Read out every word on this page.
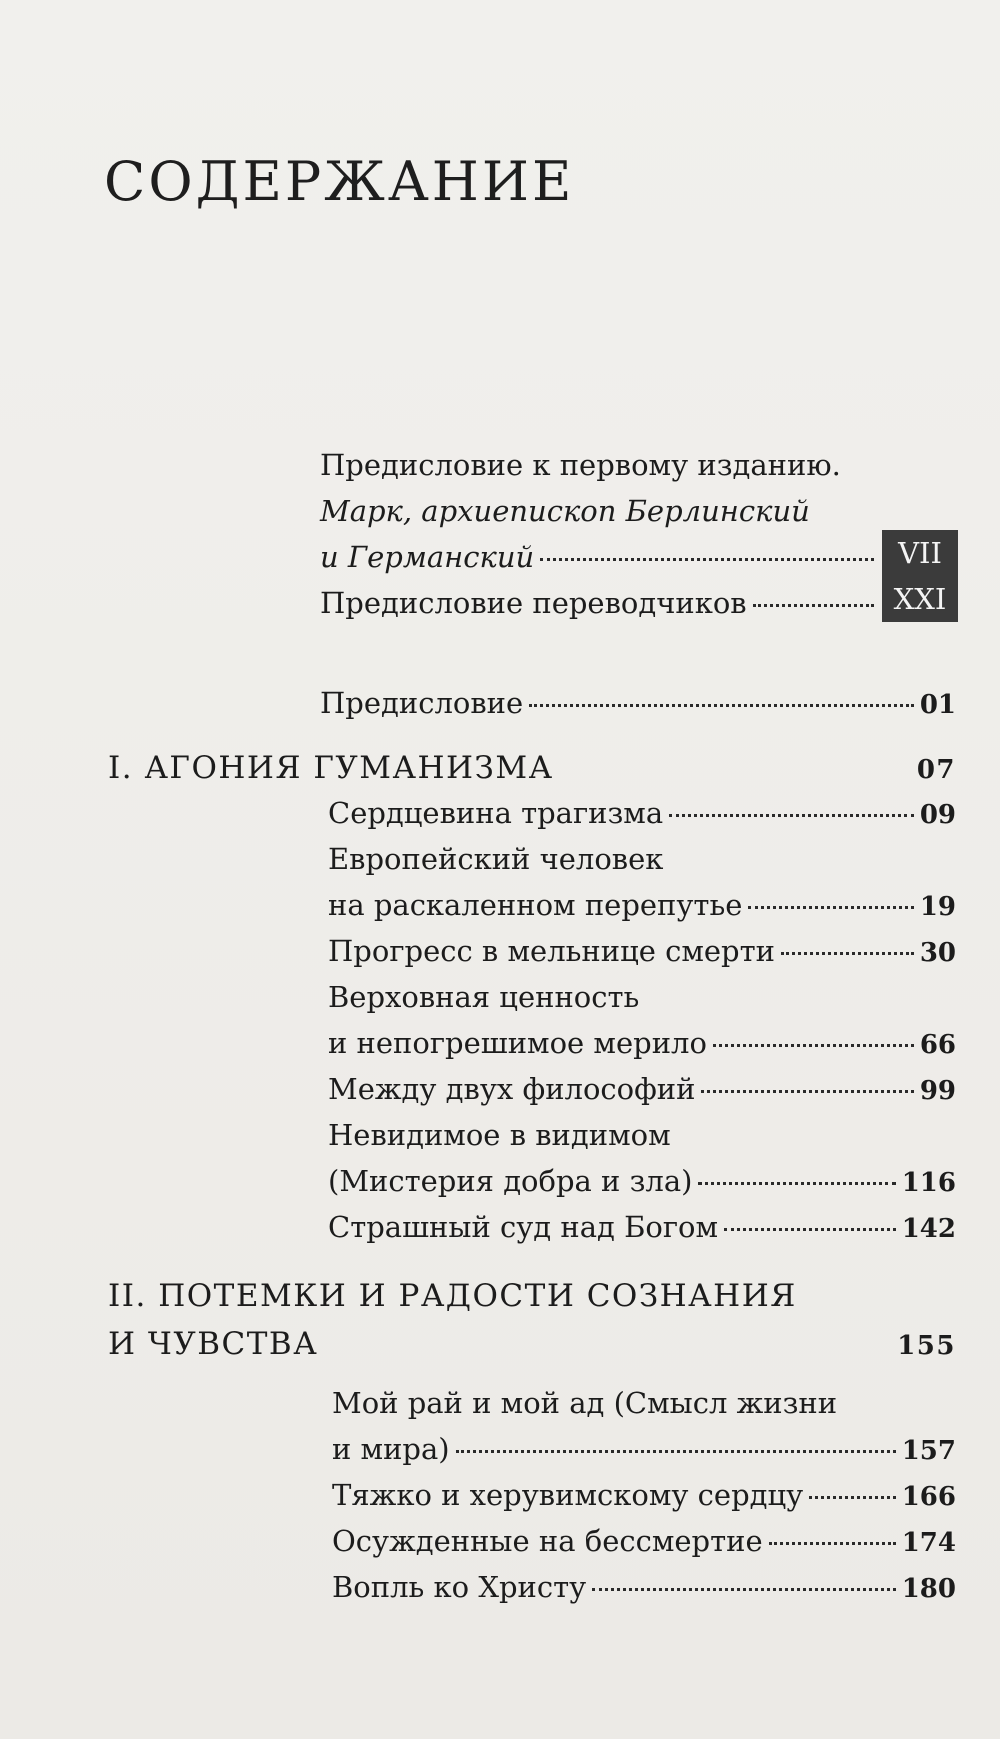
СОДЕРЖАНИЕ
Предисловие к первому изданию.
Марк, архиепископ Берлинский
и Германский	VII
Предисловие переводчиков	XXI
Предисловие	01
I. АГОНИЯ ГУМАНИЗМА	07
Сердцевина трагизма	09
Европейский человек
на раскаленном перепутье	19
Прогресс в мельнице смерти	30
Верховная ценность
и непогрешимое мерило	66
Между двух философий	99
Невидимое в видимом
(Мистерия добра и зла)	116
Страшный суд над Богом	142
II. ПОТЕМКИ И РАДОСТИ СОЗНАНИЯ
И ЧУВСТВА	155
Мой рай и мой ад (Смысл жизни
и мира)	157
Тяжко и херувимскому сердцу	166
Осужденные на бессмертие	174
Вопль ко Христу	180
